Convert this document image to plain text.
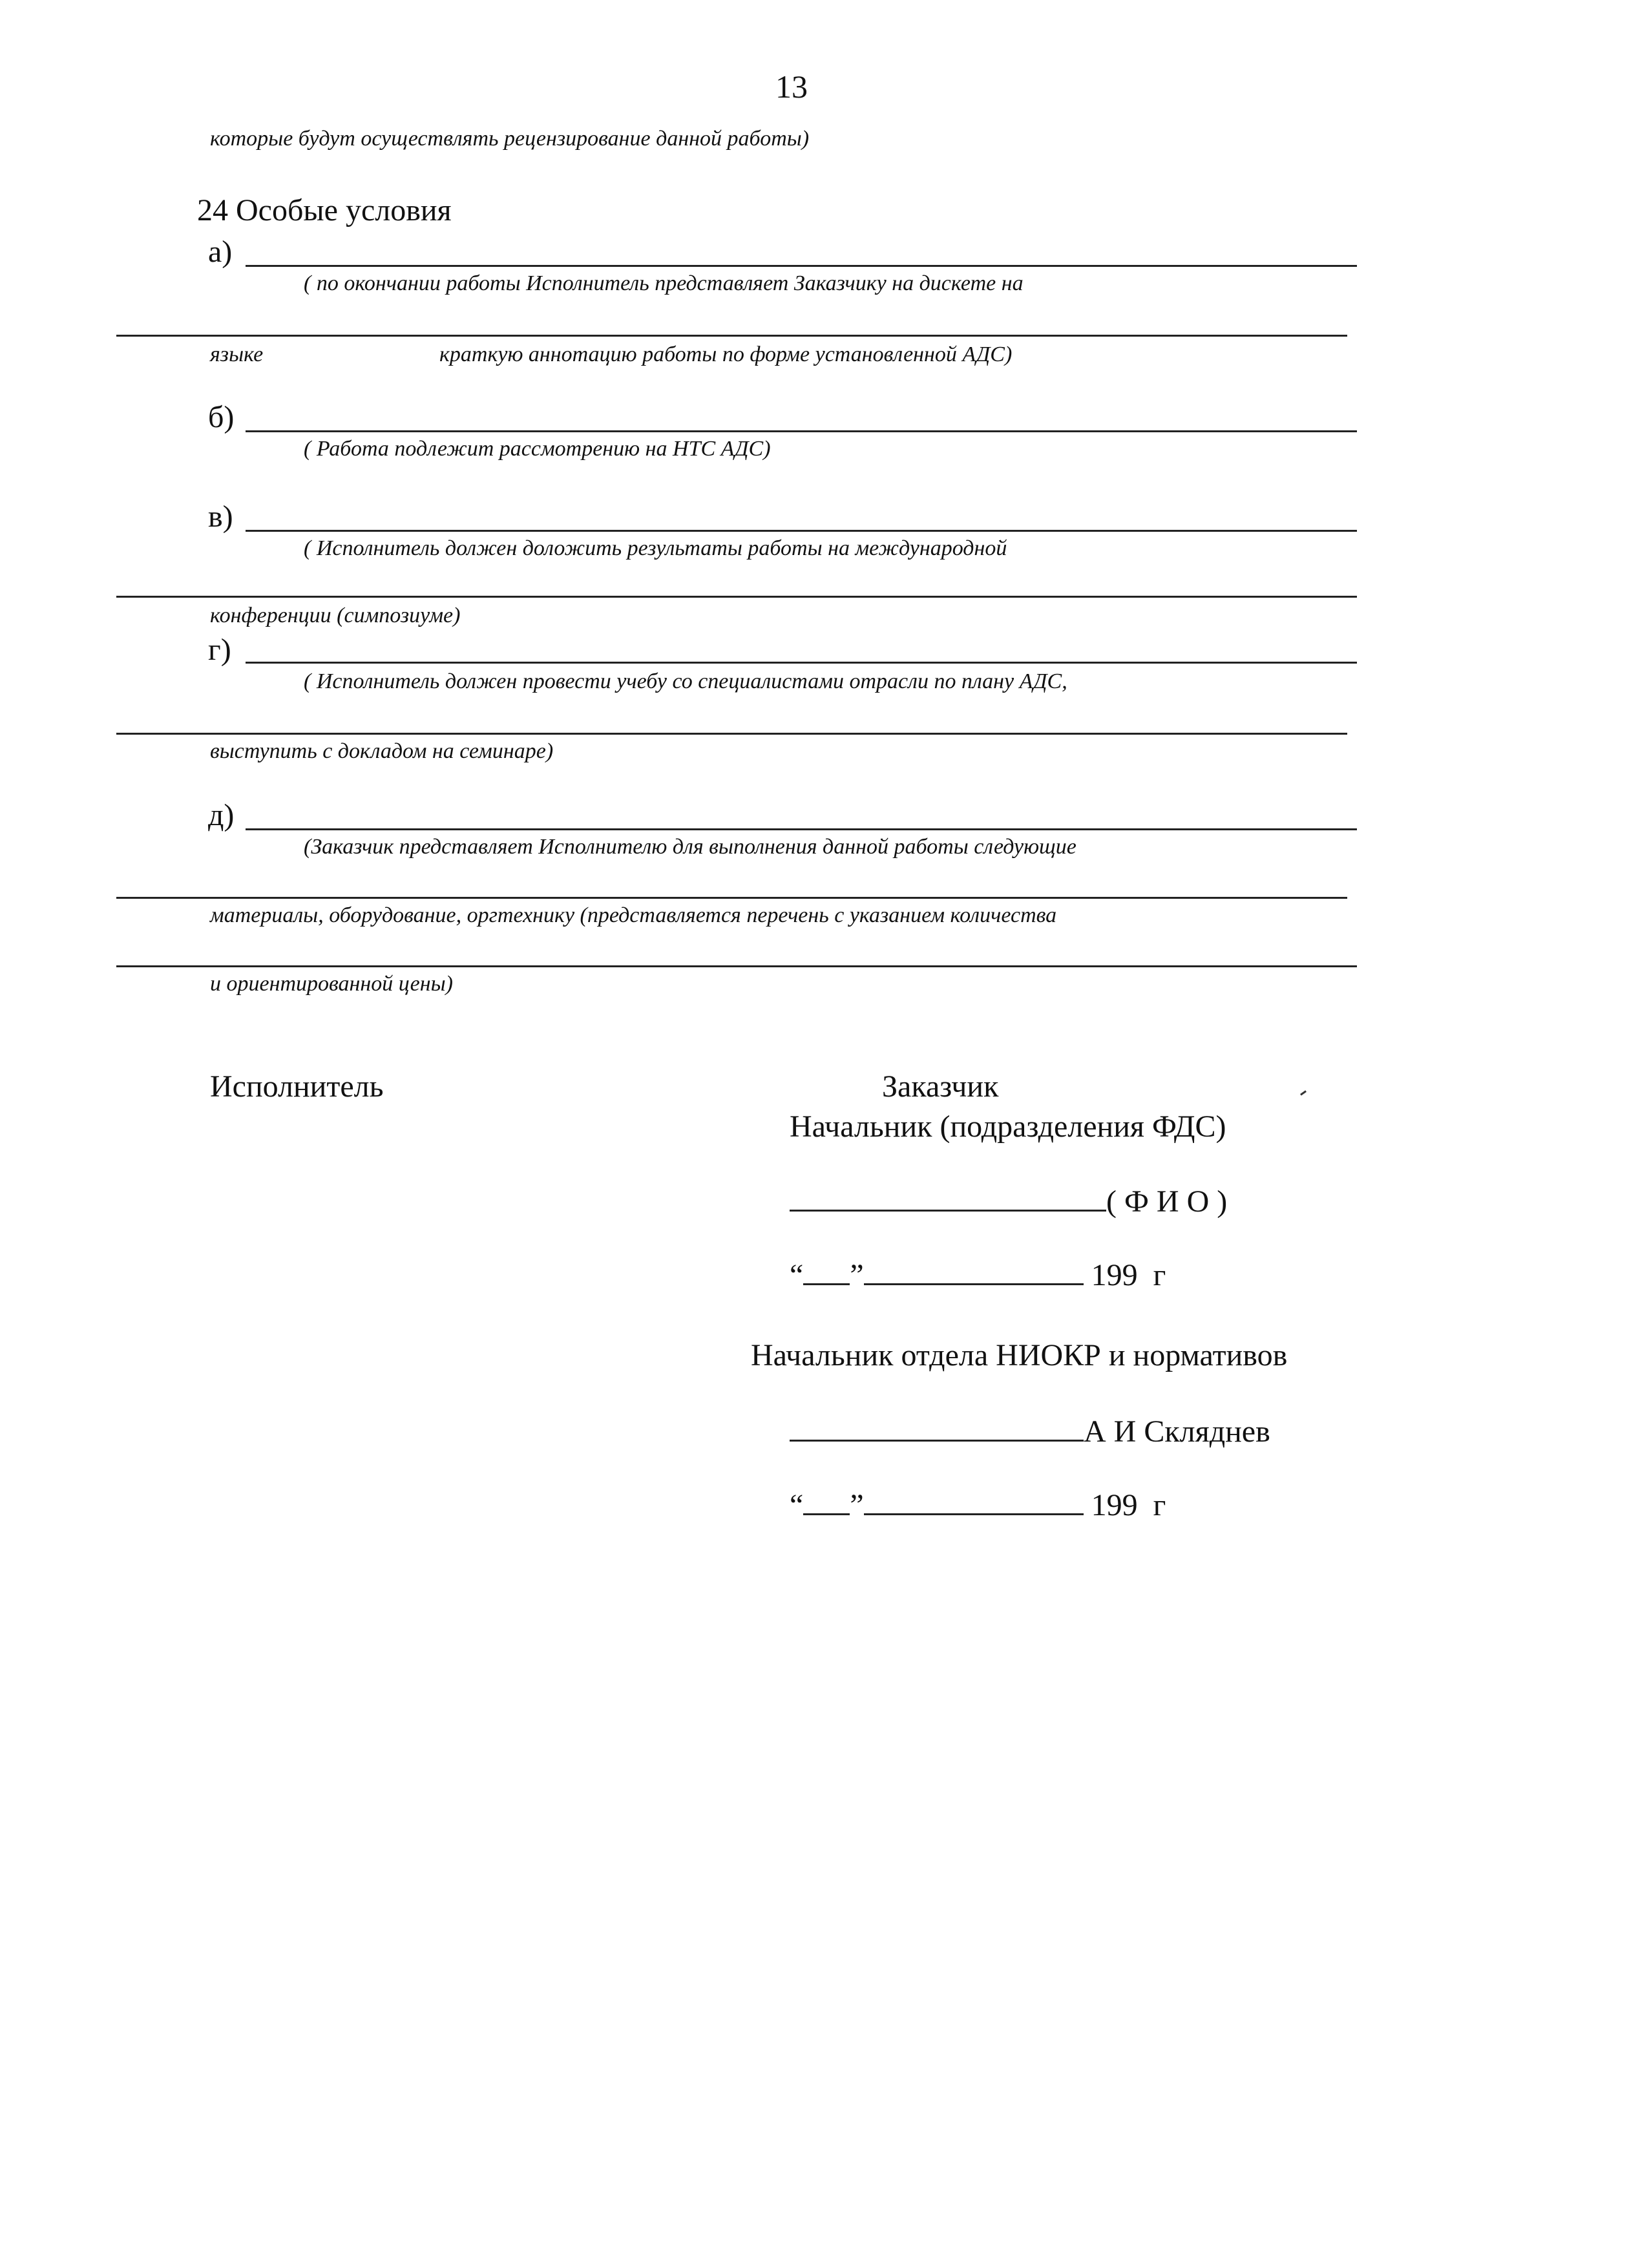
13
которые будут осуществлять рецензирование данной работы)
24 Особые условия
а)
( по окончании работы Исполнитель представляет Заказчику на дискете на
языке	краткую аннотацию работы по форме установленной АДС)
б)
( Работа подлежит рассмотрению на НТС АДС)
в)
( Исполнитель должен доложить результаты работы на международной
конференции (симпозиуме)
г)
( Исполнитель должен провести учебу со специалистами отрасли по плану АДС,
выступить с докладом на семинаре)
д)
(Заказчик представляет Исполнителю для выполнения данной работы следующие
материалы, оборудование, оргтехнику (представляется перечень с указанием количества
и ориентированной цены)
Исполнитель	Заказчик
Начальник (подразделения ФДС)
( Ф И О )
“ ”	199 г
Начальник отдела НИОКР и нормативов
А И Скляднев
“ ”	199 г
